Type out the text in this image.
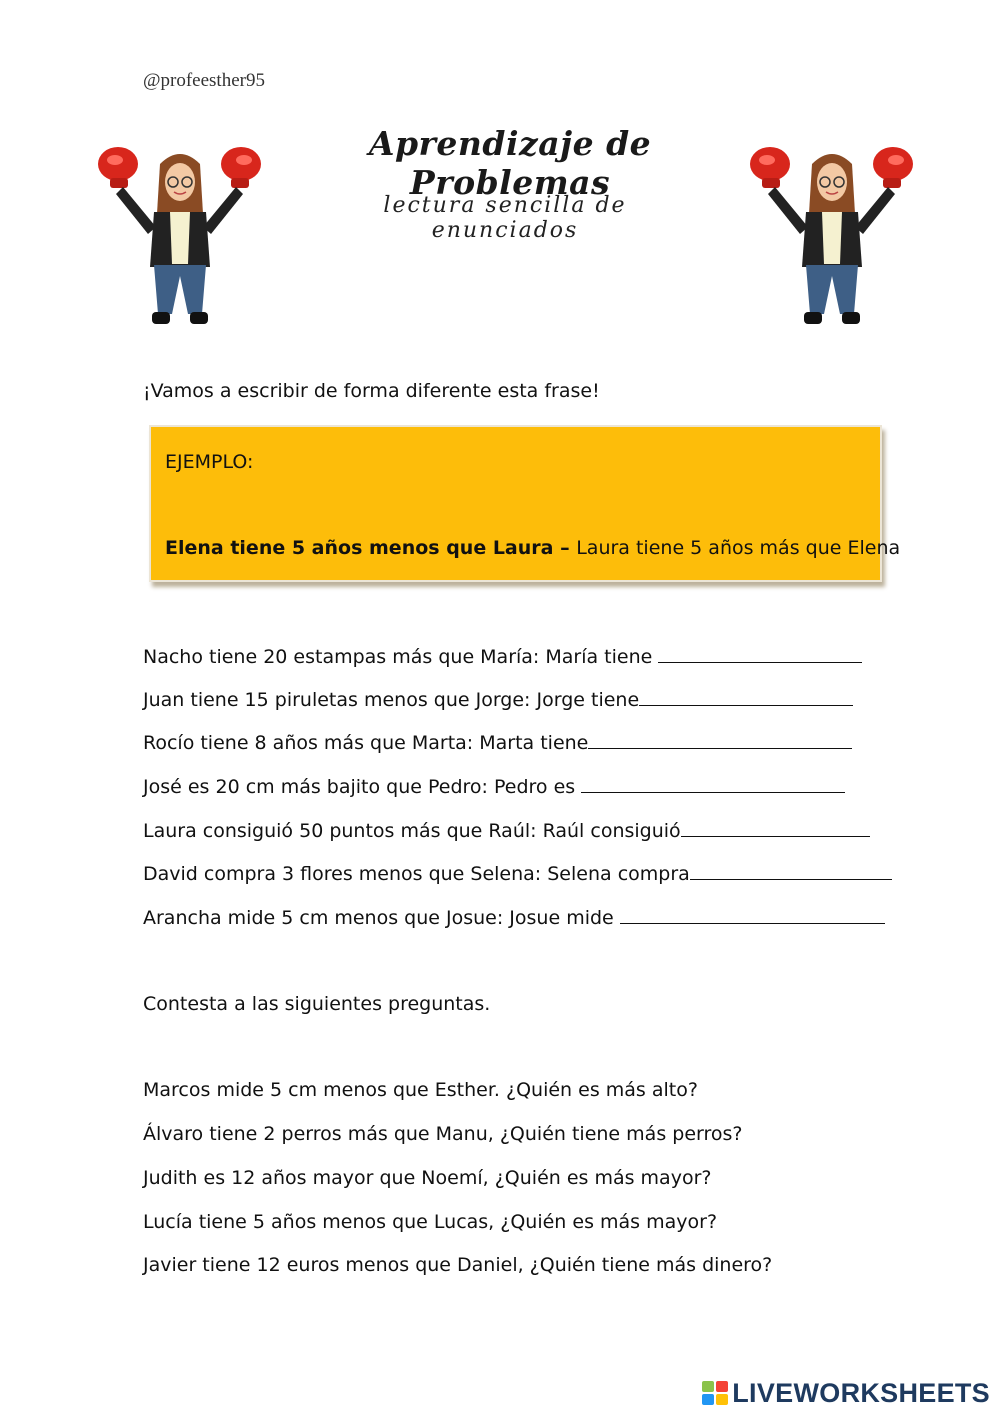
@profeesther95
Aprendizaje de Problemas
lectura sencilla de enunciados
¡Vamos a escribir de forma diferente esta frase!
EJEMPLO:
Elena tiene 5 años menos que Laura – Laura tiene 5 años más que Elena
Nacho tiene 20 estampas más que María: María tiene
Juan tiene 15 piruletas menos que Jorge: Jorge tiene
Rocío tiene 8 años más que Marta: Marta tiene
José es 20 cm más bajito que Pedro: Pedro es
Laura consiguió 50 puntos más que Raúl: Raúl consiguió
David compra 3 flores menos que Selena: Selena compra
Arancha mide 5 cm menos que Josue: Josue mide
Contesta a las siguientes preguntas.
Marcos mide 5 cm menos que Esther. ¿Quién es más alto?
Álvaro tiene 2 perros más que Manu, ¿Quién tiene más perros?
Judith es 12 años mayor que Noemí, ¿Quién es más mayor?
Lucía tiene 5 años menos que Lucas, ¿Quién es más mayor?
Javier tiene 12 euros menos que Daniel, ¿Quién tiene más dinero?
LIVEWORKSHEETS
